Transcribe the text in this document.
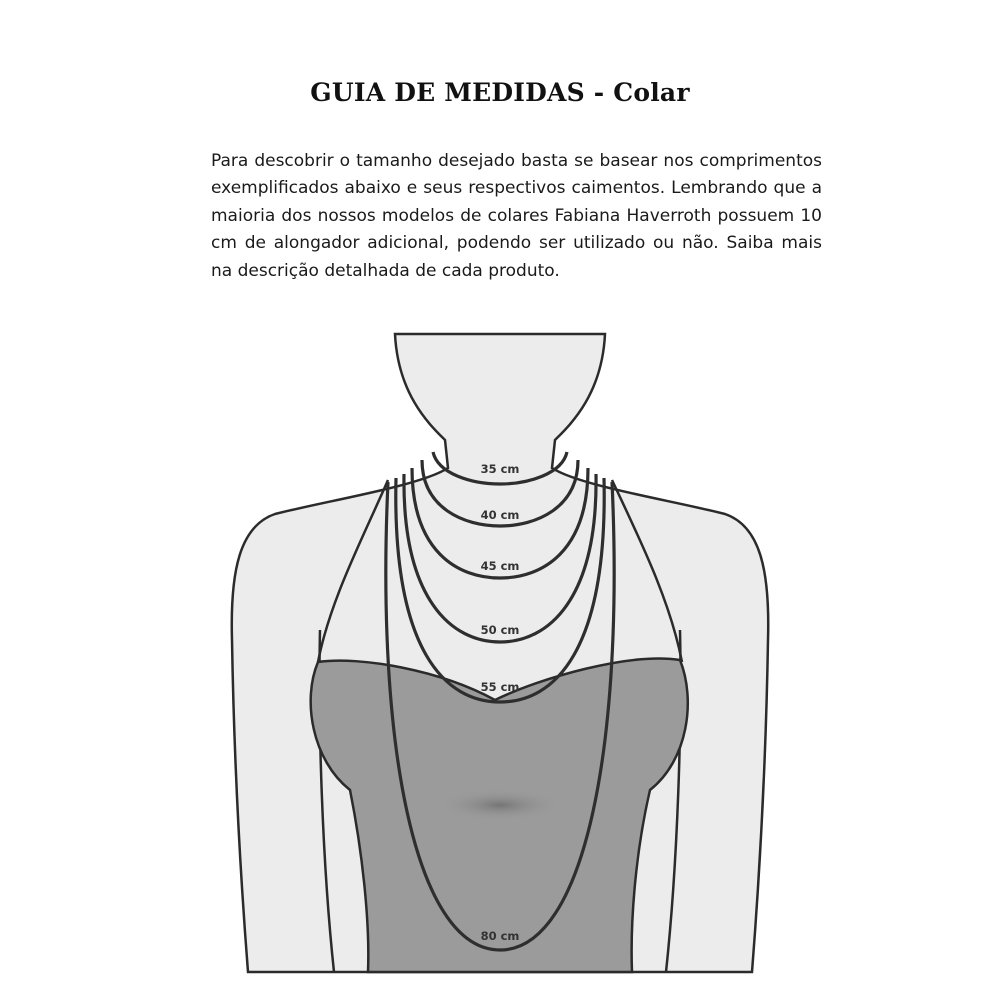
GUIA DE MEDIDAS - Colar
Para descobrir o tamanho desejado basta se basear nos comprimentos exemplificados abaixo e seus respectivos caimentos. Lembrando que a maioria dos nossos modelos de colares Fabiana Haverroth possuem 10 cm de alongador adicional, podendo ser utilizado ou não. Saiba mais na descrição detalhada de cada produto.
35 cm
40 cm
45 cm
50 cm
55 cm
80 cm
